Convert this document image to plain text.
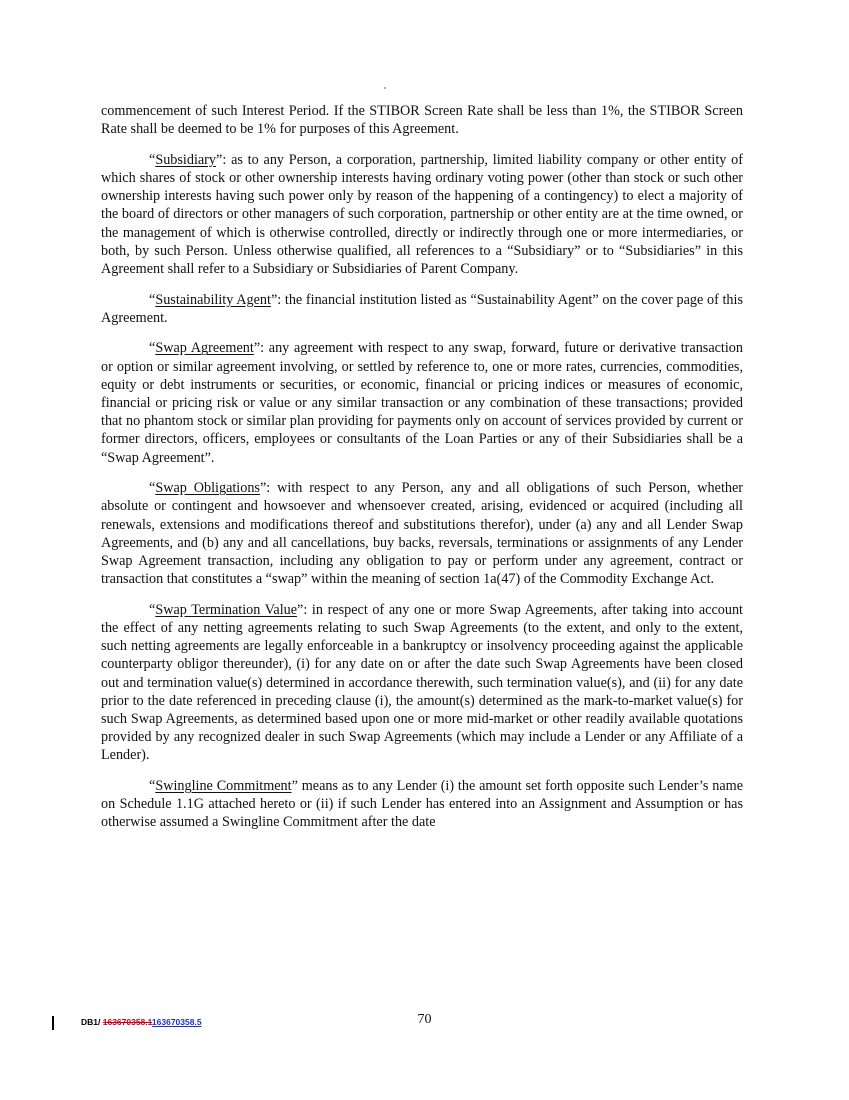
commencement of such Interest Period. If the STIBOR Screen Rate shall be less than 1%, the STIBOR Screen Rate shall be deemed to be 1% for purposes of this Agreement.

“Subsidiary”: as to any Person, a corporation, partnership, limited liability company or other entity of which shares of stock or other ownership interests having ordinary voting power (other than stock or such other ownership interests having such power only by reason of the happening of a contingency) to elect a majority of the board of directors or other managers of such corporation, partnership or other entity are at the time owned, or the management of which is otherwise controlled, directly or indirectly through one or more intermediaries, or both, by such Person. Unless otherwise qualified, all references to a “Subsidiary” or to “Subsidiaries” in this Agreement shall refer to a Subsidiary or Subsidiaries of Parent Company.

“Sustainability Agent”: the financial institution listed as “Sustainability Agent” on the cover page of this Agreement.

“Swap Agreement”: any agreement with respect to any swap, forward, future or derivative transaction or option or similar agreement involving, or settled by reference to, one or more rates, currencies, commodities, equity or debt instruments or securities, or economic, financial or pricing indices or measures of economic, financial or pricing risk or value or any similar transaction or any combination of these transactions; provided that no phantom stock or similar plan providing for payments only on account of services provided by current or former directors, officers, employees or consultants of the Loan Parties or any of their Subsidiaries shall be a “Swap Agreement”.

“Swap Obligations”: with respect to any Person, any and all obligations of such Person, whether absolute or contingent and howsoever and whensoever created, arising, evidenced or acquired (including all renewals, extensions and modifications thereof and substitutions therefor), under (a) any and all Lender Swap Agreements, and (b) any and all cancellations, buy backs, reversals, terminations or assignments of any Lender Swap Agreement transaction, including any obligation to pay or perform under any agreement, contract or transaction that constitutes a “swap” within the meaning of section 1a(47) of the Commodity Exchange Act.

“Swap Termination Value”: in respect of any one or more Swap Agreements, after taking into account the effect of any netting agreements relating to such Swap Agreements (to the extent, and only to the extent, such netting agreements are legally enforceable in a bankruptcy or insolvency proceeding against the applicable counterparty obligor thereunder), (i) for any date on or after the date such Swap Agreements have been closed out and termination value(s) determined in accordance therewith, such termination value(s), and (ii) for any date prior to the date referenced in preceding clause (i), the amount(s) determined as the mark-to-market value(s) for such Swap Agreements, as determined based upon one or more mid-market or other readily available quotations provided by any recognized dealer in such Swap Agreements (which may include a Lender or any Affiliate of a Lender).

“Swingline Commitment” means as to any Lender (i) the amount set forth opposite such Lender’s name on Schedule 1.1G attached hereto or (ii) if such Lender has entered into an Assignment and Assumption or has otherwise assumed a Swingline Commitment after the date

DB1/ 163670358.1163670358.5	70
